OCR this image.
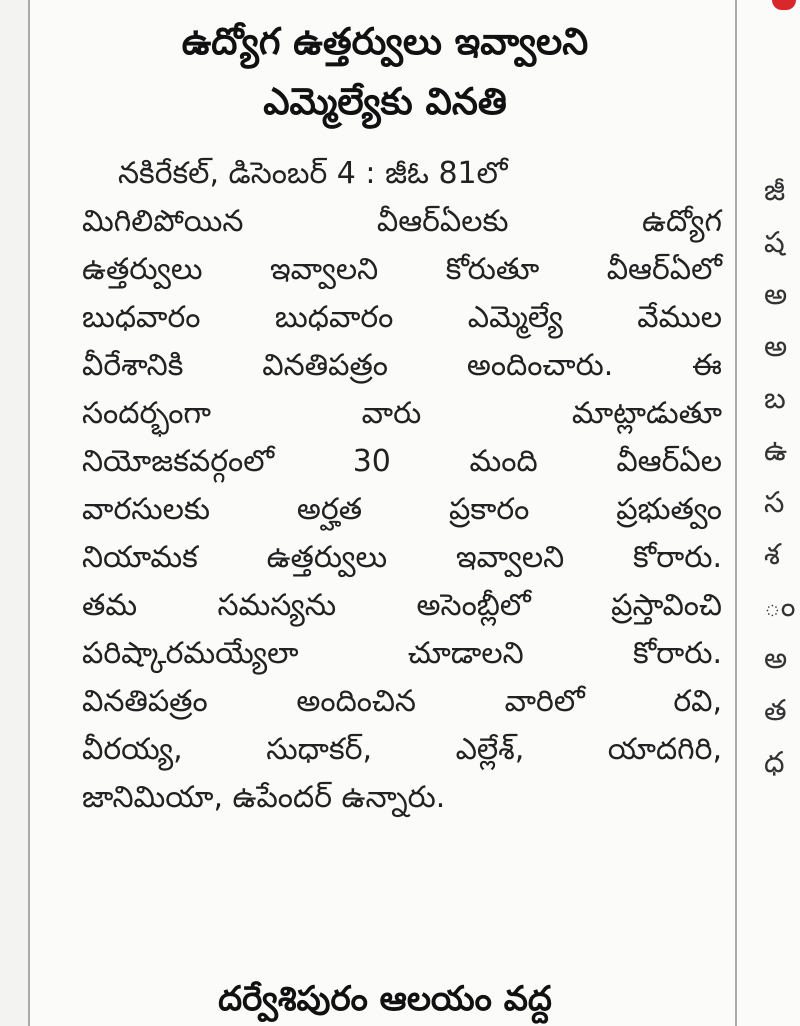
ఉద్యోగ ఉత్తర్వులు ఇవ్వాలని
ఎమ్మెల్యేకు వినతి
నకిరేకల్, డిసెంబర్ 4 : జీఓ 81లో
మిగిలిపోయిన వీఆర్ఏలకు ఉద్యోగ
ఉత్తర్వులు ఇవ్వాలని కోరుతూ వీఆర్ఏలో
బుధవారం బుధవారం ఎమ్మెల్యే వేముల
వీరేశానికి వినతిపత్రం అందించారు. ఈ
సందర్భంగా వారు మాట్లాడుతూ
నియోజకవర్గంలో 30 మంది వీఆర్ఏల
వారసులకు అర్హత ప్రకారం ప్రభుత్వం
నియామక ఉత్తర్వులు ఇవ్వాలని కోరారు.
తమ సమస్యను అసెంబ్లీలో ప్రస్తావించి
పరిష్కారమయ్యేలా చూడాలని కోరారు.
వినతిపత్రం అందించిన వారిలో రవి,
వీరయ్య, సుధాకర్, ఎల్లేశ్, యాదగిరి,
జానిమియా, ఉపేందర్ ఉన్నారు.
దర్వేశిపురం ఆలయం వద్ద
జీ
ష
అ
అ
బ
ఉ
స
శ
ం
అ
త
ధ
